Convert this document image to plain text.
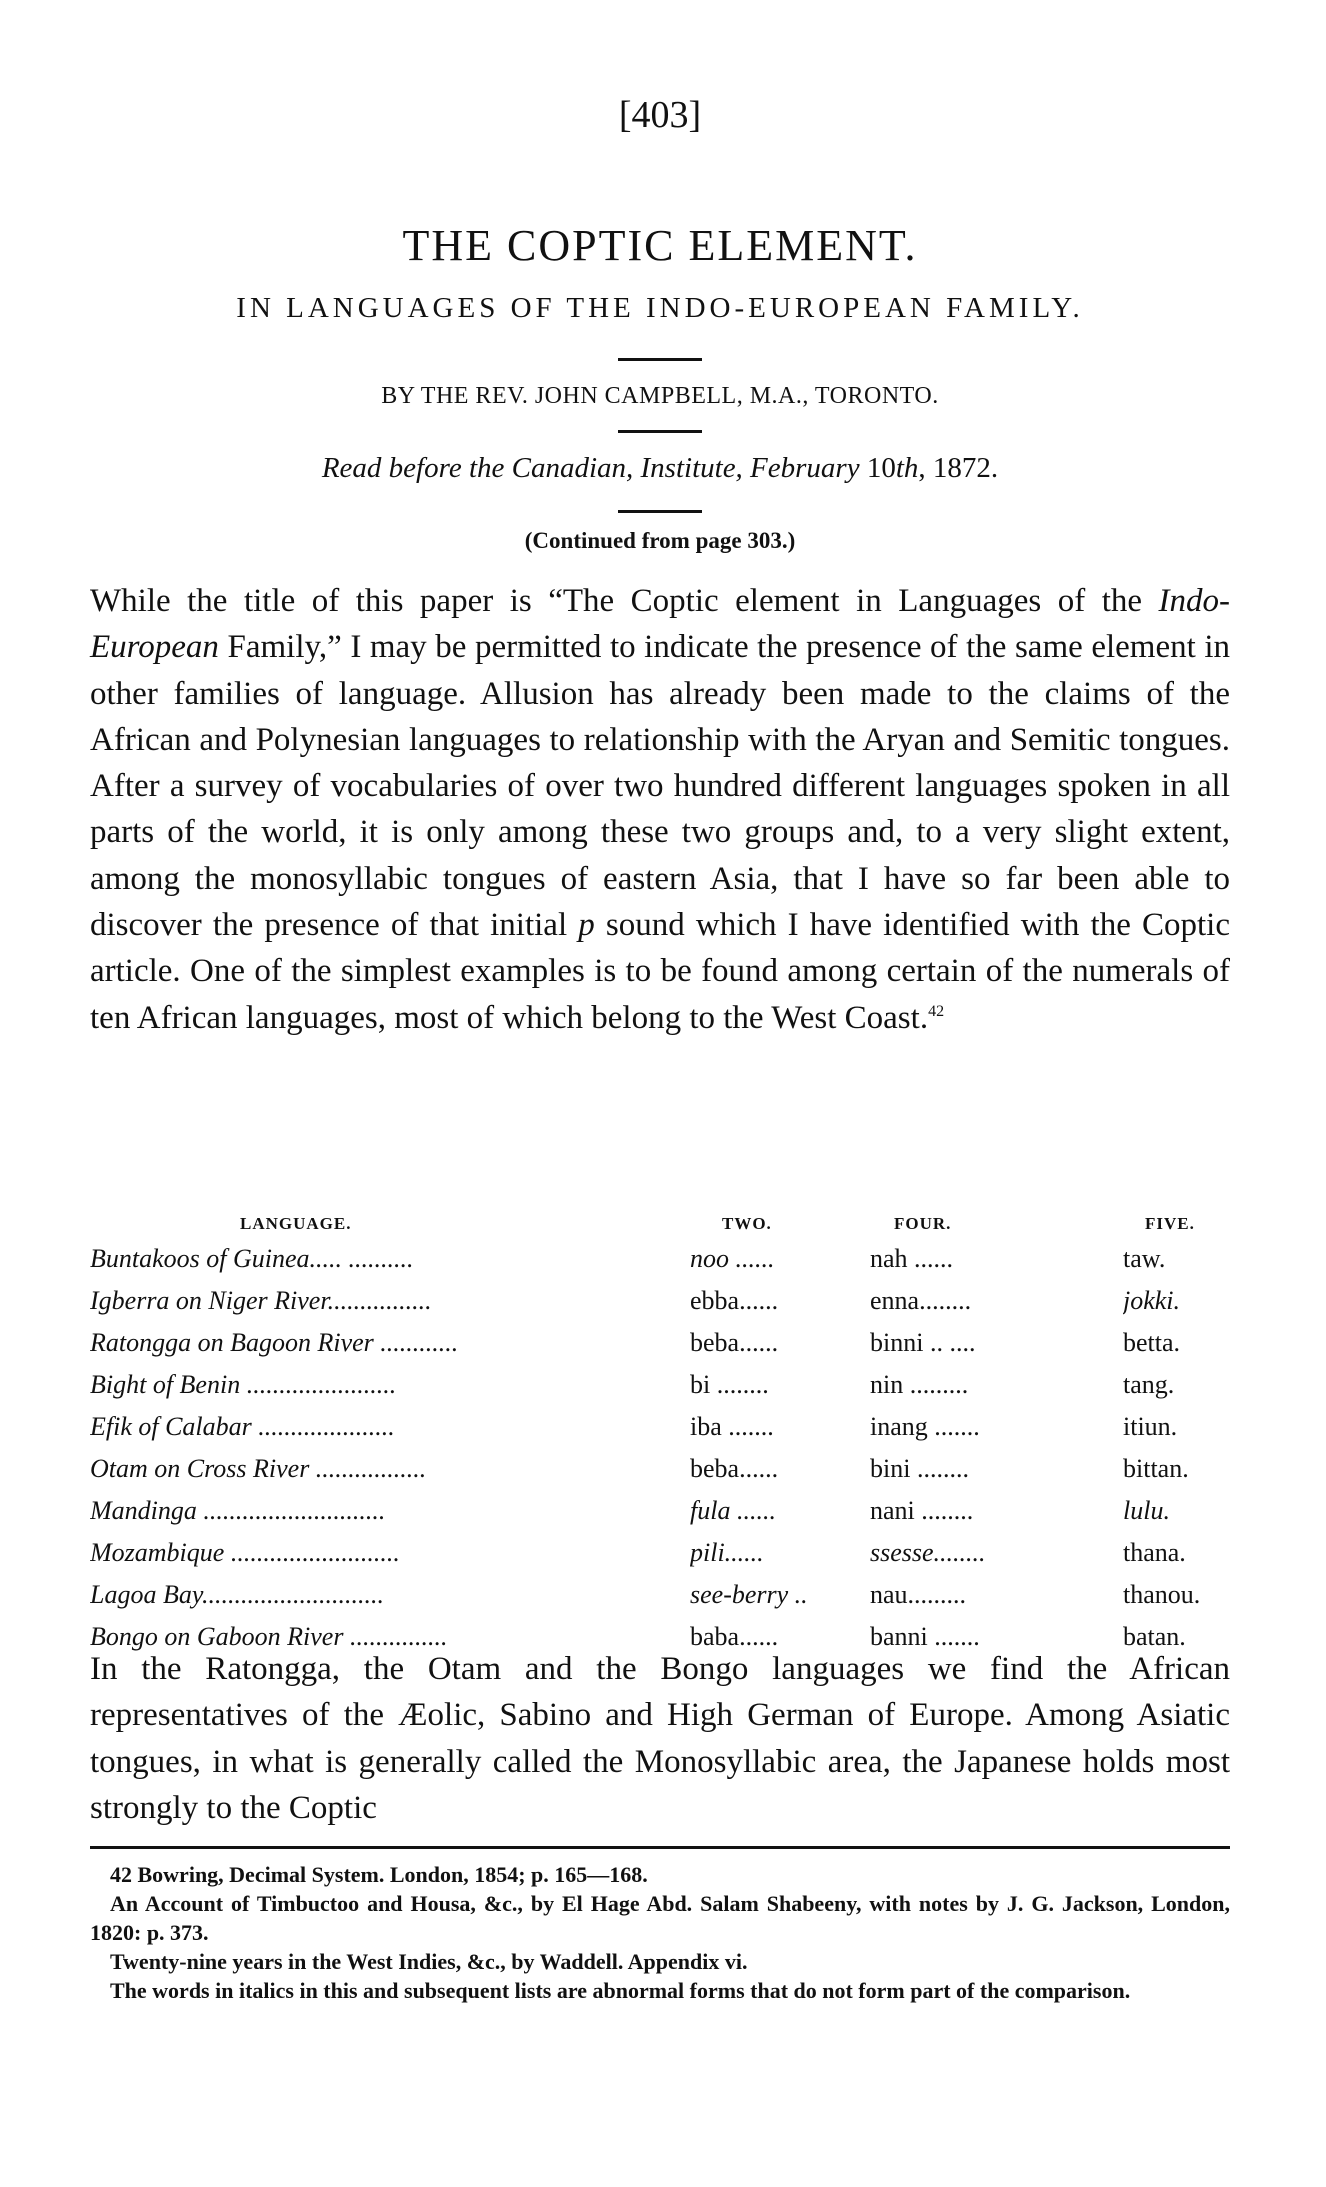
[403]
THE COPTIC ELEMENT.
IN LANGUAGES OF THE INDO-EUROPEAN FAMILY.
BY THE REV. JOHN CAMPBELL, M.A., TORONTO.
Read before the Canadian, Institute, February 10th, 1872.
(Continued from page 303.)
While the title of this paper is “The Coptic element in Languages of the Indo-European Family,” I may be permitted to indicate the presence of the same element in other families of language. Allusion has already been made to the claims of the African and Polynesian languages to relationship with the Aryan and Semitic tongues. After a survey of vocabularies of over two hundred different languages spoken in all parts of the world, it is only among these two groups and, to a very slight extent, among the monosyllabic tongues of eastern Asia, that I have so far been able to discover the presence of that initial p sound which I have identified with the Coptic article. One of the simplest examples is to be found among certain of the numerals of ten African languages, most of which belong to the West Coast.$^{42}$
LANGUAGE.	TWO.	FOUR.	FIVE.
Buntakoos of Guinea..... ..........	noo ......	nah ......	taw.
Igberra on Niger River................	ebba......	enna........	jokki.
Ratongga on Bagoon River ............	beba......	binni .. ....	betta.
Bight of Benin .......................	bi ........	nin .........	tang.
Efik of Calabar .....................	iba .......	inang .......	itiun.
Otam on Cross River .................	beba......	bini ........	bittan.
Mandinga ............................	fula ......	nani ........	lulu.
Mozambique ..........................	pili......	ssesse........	thana.
Lagoa Bay............................	see-berry ..	nau.........	thanou.
Bongo on Gaboon River ...............	baba......	banni .......	batan.
In the Ratongga, the Otam and the Bongo languages we find the African representatives of the Æolic, Sabino and High German of Europe. Among Asiatic tongues, in what is generally called the Monosyllabic area, the Japanese holds most strongly to the Coptic

42 Bowring, Decimal System. London, 1854; p. 165—168.

An Account of Timbuctoo and Housa, &c., by El Hage Abd. Salam Shabeeny, with notes by J. G. Jackson, London, 1820: p. 373.

Twenty-nine years in the West Indies, &c., by Waddell. Appendix vi.

The words in italics in this and subsequent lists are abnormal forms that do not form part of the comparison.
